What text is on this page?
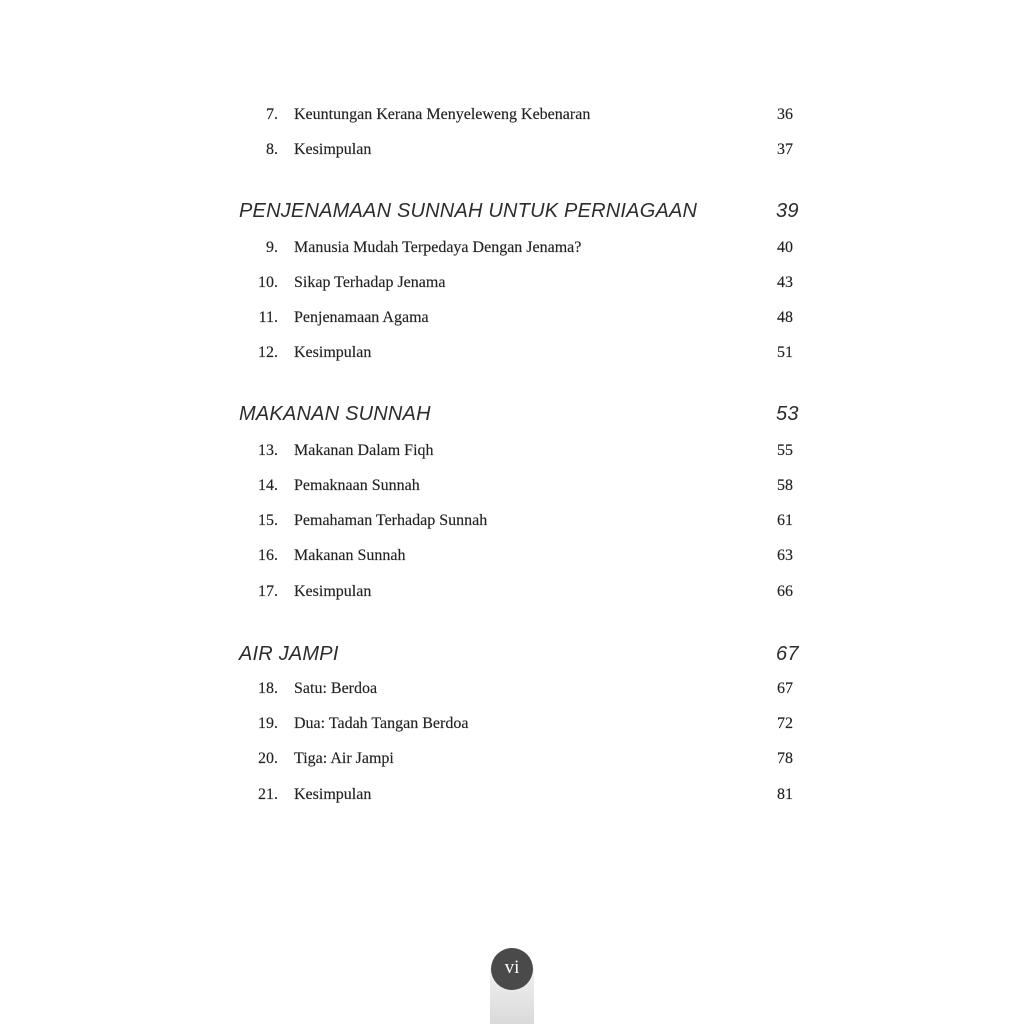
7. Keuntungan Kerana Menyeleweng Kebenaran	36
8. Kesimpulan	37
PENJENAMAAN SUNNAH UNTUK PERNIAGAAN	39
9. Manusia Mudah Terpedaya Dengan Jenama?	40
10. Sikap Terhadap Jenama	43
11. Penjenamaan Agama	48
12. Kesimpulan	51
MAKANAN SUNNAH	53
13. Makanan Dalam Fiqh	55
14. Pemaknaan Sunnah	58
15. Pemahaman Terhadap Sunnah	61
16. Makanan Sunnah	63
17. Kesimpulan	66
AIR JAMPI	67
18. Satu: Berdoa	67
19. Dua: Tadah Tangan Berdoa	72
20. Tiga: Air Jampi	78
21. Kesimpulan	81
vi
